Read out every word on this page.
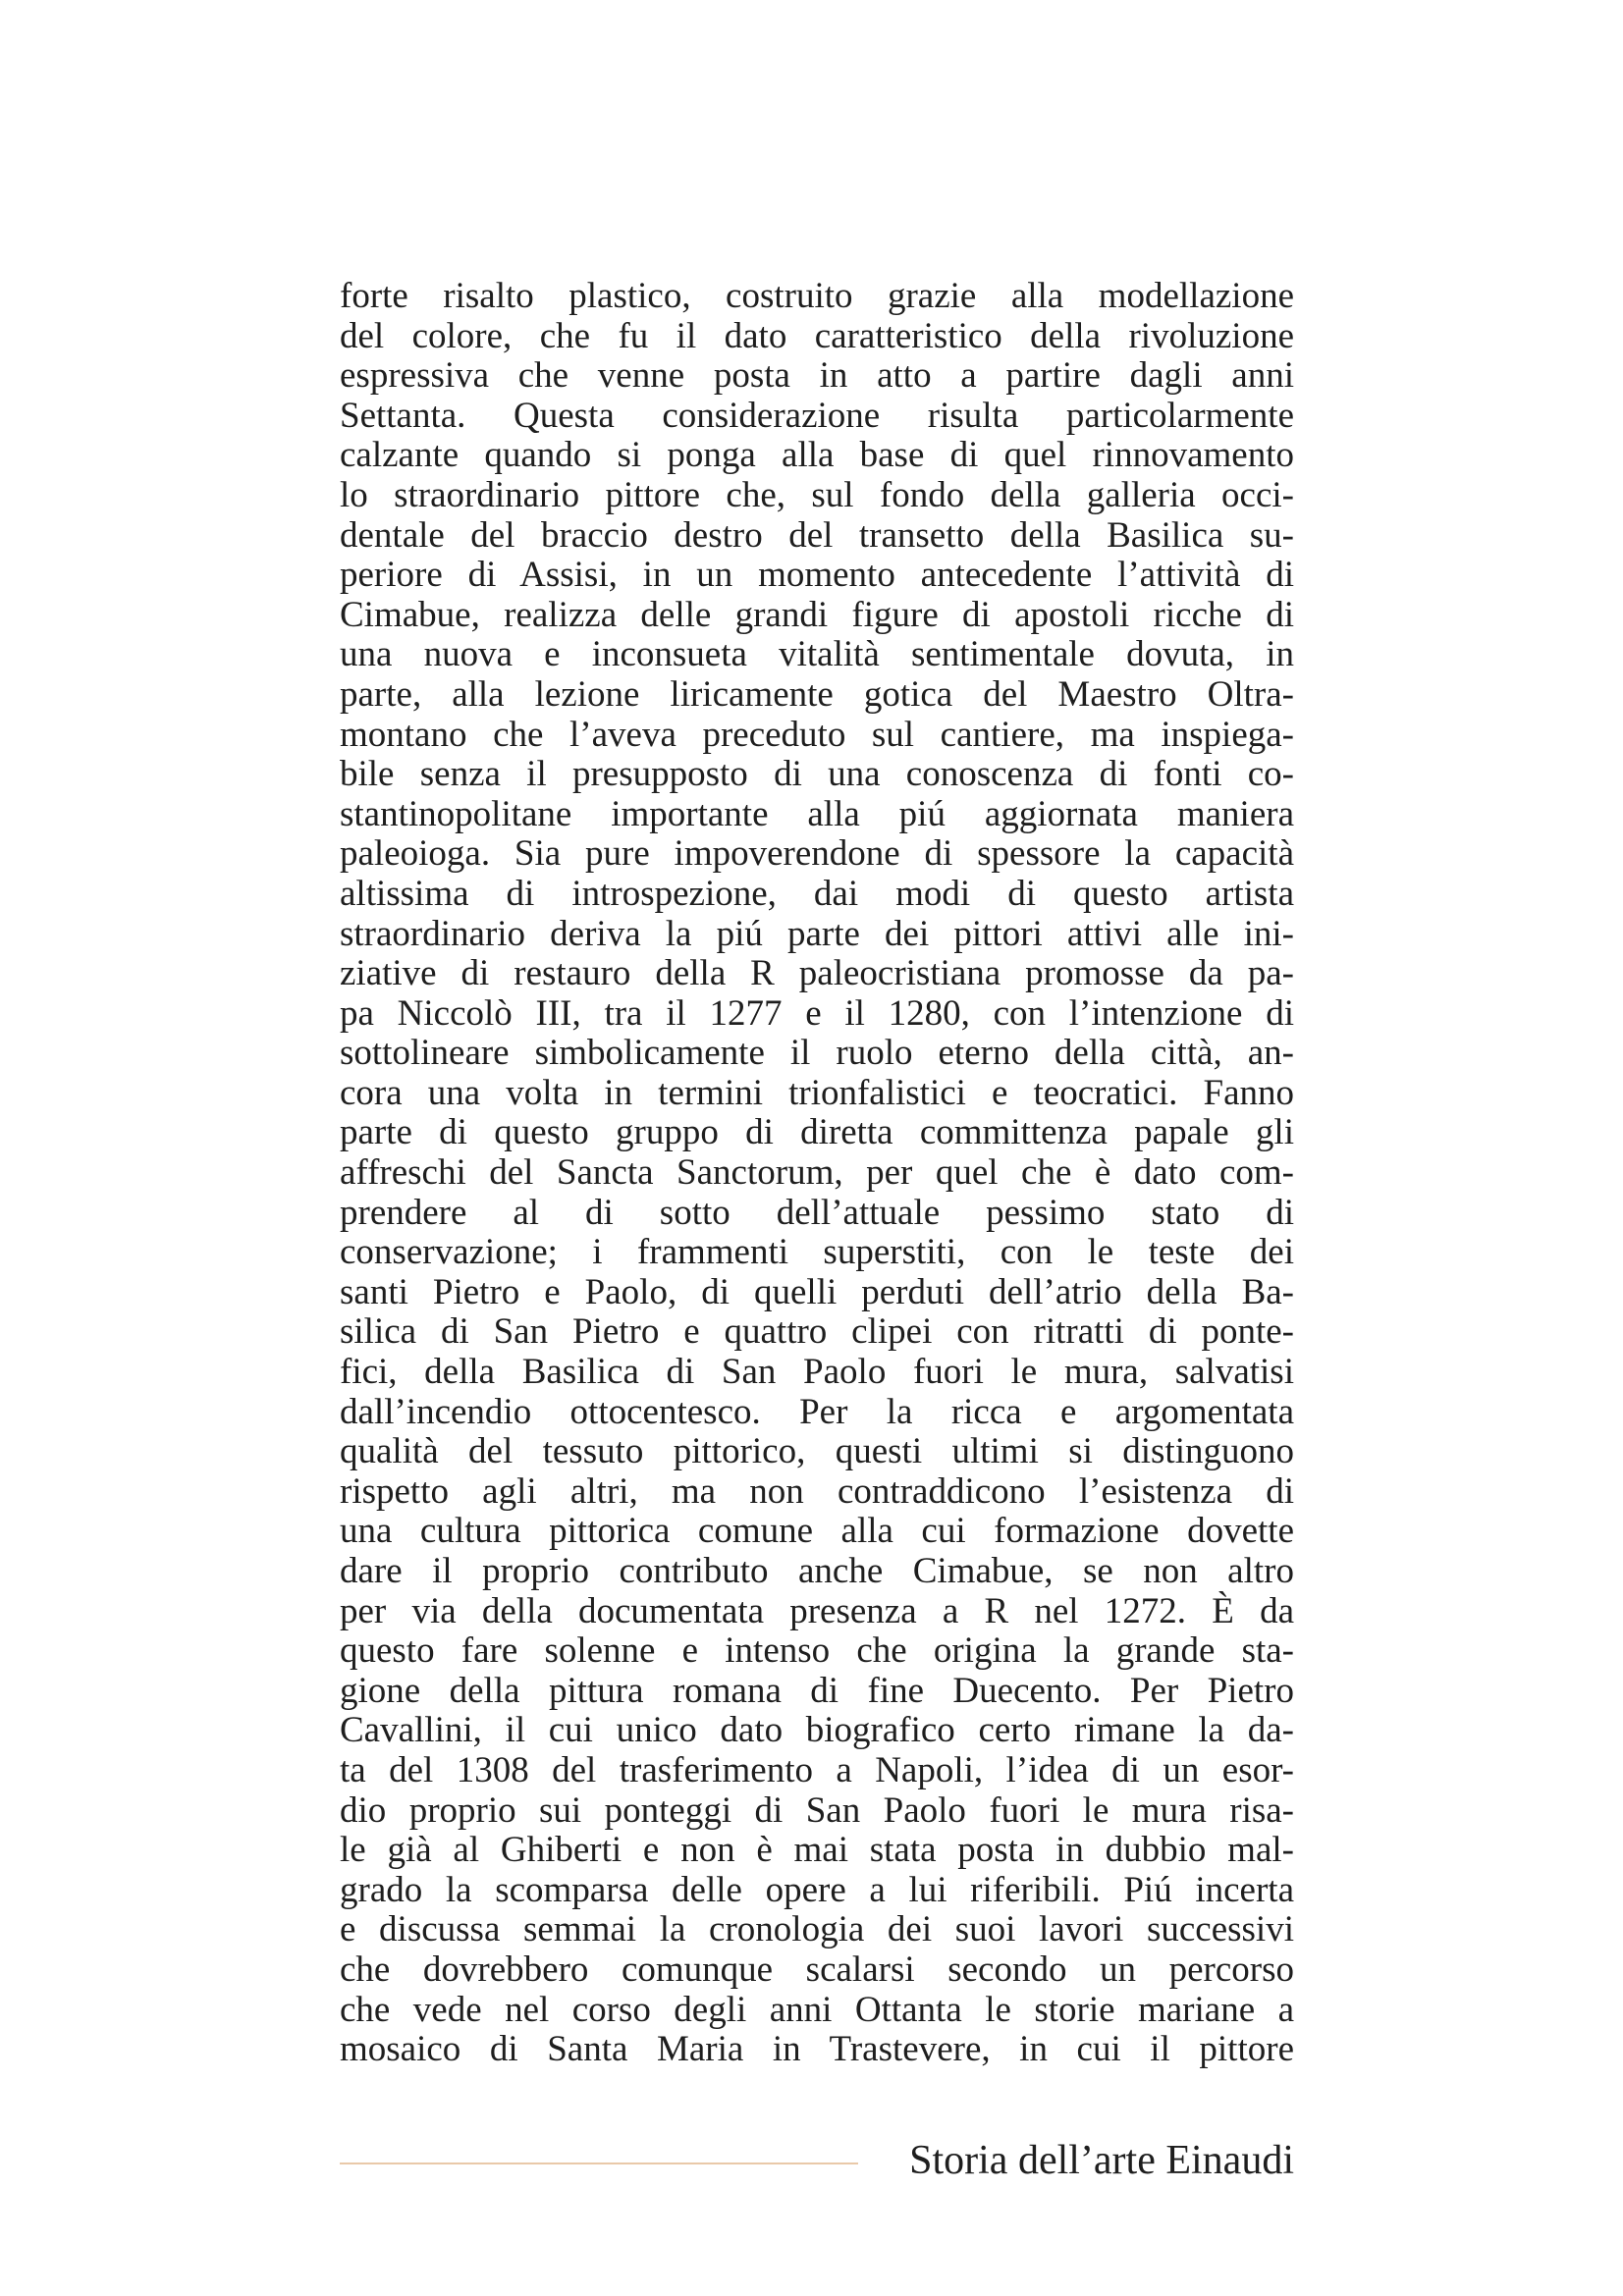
forte risalto plastico, costruito grazie alla modellazione
del colore, che fu il dato caratteristico della rivoluzione
espressiva che venne posta in atto a partire dagli anni
Settanta. Questa considerazione risulta particolarmente
calzante quando si ponga alla base di quel rinnovamento
lo straordinario pittore che, sul fondo della galleria occi-
dentale del braccio destro del transetto della Basilica su-
periore di Assisi, in un momento antecedente l’attività di
Cimabue, realizza delle grandi figure di apostoli ricche di
una nuova e inconsueta vitalità sentimentale dovuta, in
parte, alla lezione liricamente gotica del Maestro Oltra-
montano che l’aveva preceduto sul cantiere, ma inspiega-
bile senza il presupposto di una conoscenza di fonti co-
stantinopolitane importante alla piú aggiornata maniera
paleoioga. Sia pure impoverendone di spessore la capacità
altissima di introspezione, dai modi di questo artista
straordinario deriva la piú parte dei pittori attivi alle ini-
ziative di restauro della R paleocristiana promosse da pa-
pa Niccolò III, tra il 1277 e il 1280, con l’intenzione di
sottolineare simbolicamente il ruolo eterno della città, an-
cora una volta in termini trionfalistici e teocratici. Fanno
parte di questo gruppo di diretta committenza papale gli
affreschi del Sancta Sanctorum, per quel che è dato com-
prendere al di sotto dell’attuale pessimo stato di
conservazione; i frammenti superstiti, con le teste dei
santi Pietro e Paolo, di quelli perduti dell’atrio della Ba-
silica di San Pietro e quattro clipei con ritratti di ponte-
fici, della Basilica di San Paolo fuori le mura, salvatisi
dall’incendio ottocentesco. Per la ricca e argomentata
qualità del tessuto pittorico, questi ultimi si distinguono
rispetto agli altri, ma non contraddicono l’esistenza di
una cultura pittorica comune alla cui formazione dovette
dare il proprio contributo anche Cimabue, se non altro
per via della documentata presenza a R nel 1272. È da
questo fare solenne e intenso che origina la grande sta-
gione della pittura romana di fine Duecento. Per Pietro
Cavallini, il cui unico dato biografico certo rimane la da-
ta del 1308 del trasferimento a Napoli, l’idea di un esor-
dio proprio sui ponteggi di San Paolo fuori le mura risa-
le già al Ghiberti e non è mai stata posta in dubbio mal-
grado la scomparsa delle opere a lui riferibili. Piú incerta
e discussa semmai la cronologia dei suoi lavori successivi
che dovrebbero comunque scalarsi secondo un percorso
che vede nel corso degli anni Ottanta le storie mariane a
mosaico di Santa Maria in Trastevere, in cui il pittore
Storia dell’arte Einaudi
